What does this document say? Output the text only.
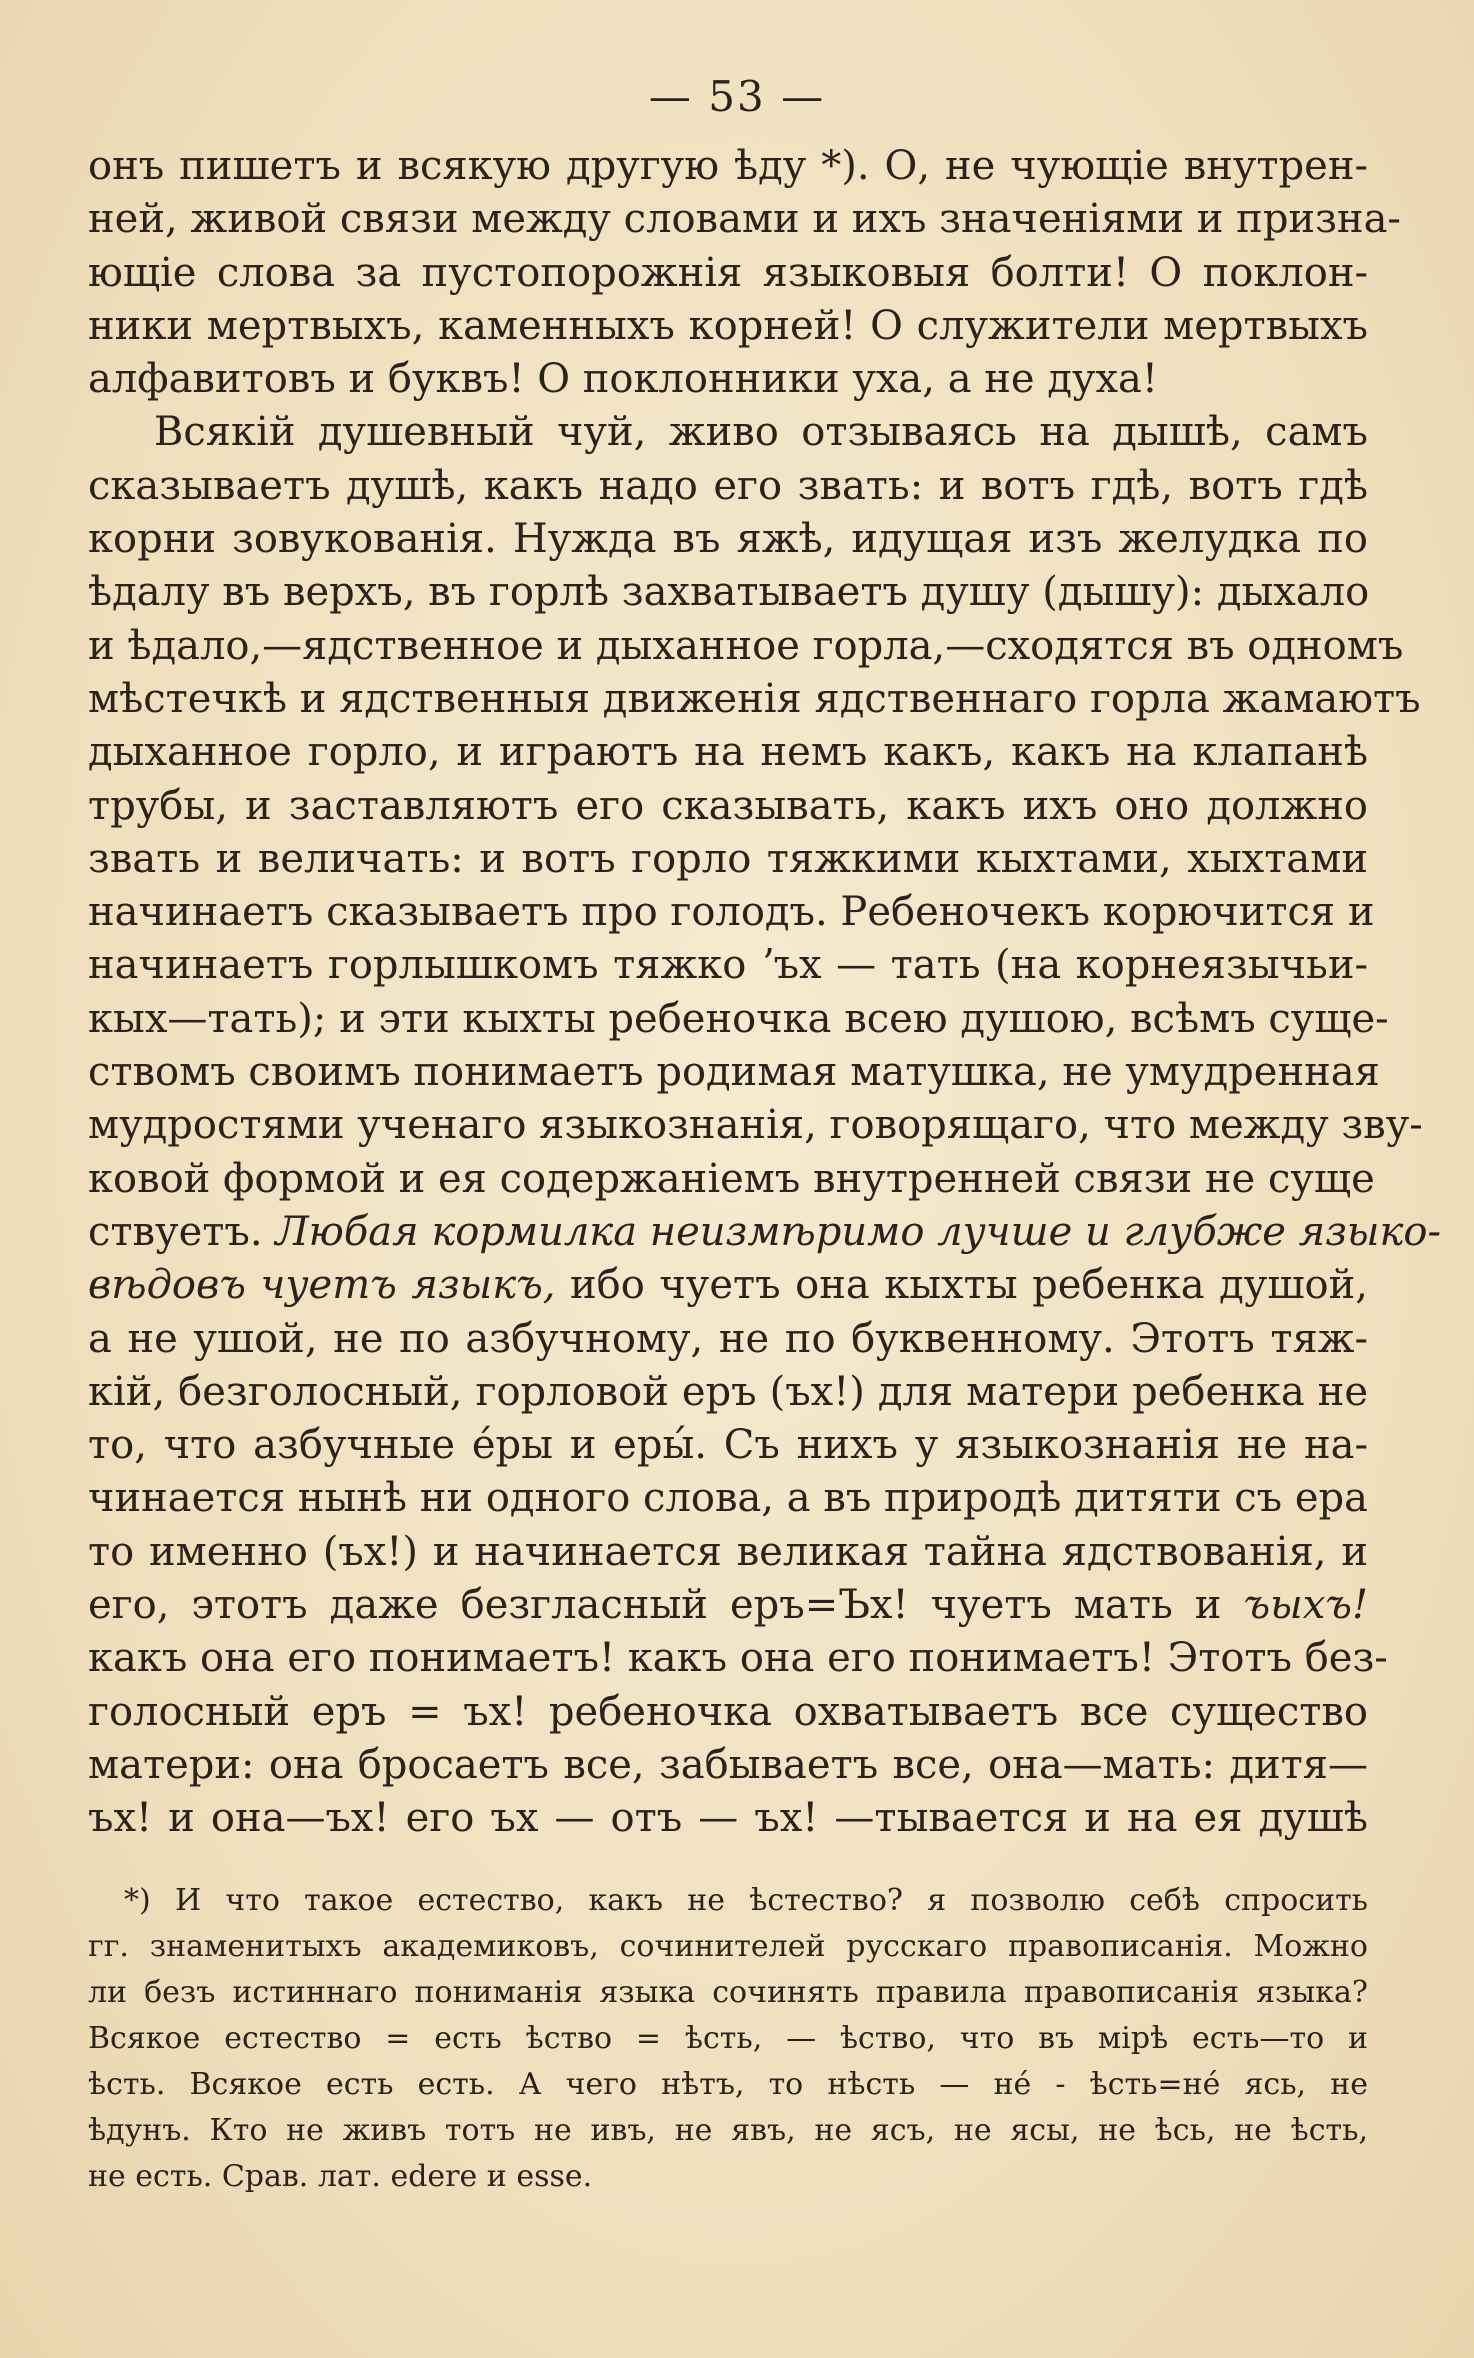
— 53 —
онъ пишетъ и всякую другую ѣду *). О, не чующіе внутрен-
ней, живой связи между словами и ихъ значеніями и призна-
ющіе слова за пустопорожнія языковыя болти! О поклон-
ники мертвыхъ, каменныхъ корней! О служители мертвыхъ
алфавитовъ и буквъ! О поклонники уха, а не духа!
Всякій душевный чуй, живо отзываясь на дышѣ, самъ
сказываетъ душѣ, какъ надо его звать: и вотъ гдѣ, вотъ гдѣ
корни зовукованія. Нужда въ яжѣ, идущая изъ желудка по
ѣдалу въ верхъ, въ горлѣ захватываетъ душу (дышу): дыхало
и ѣдало,—ядственное и дыханное горла,—сходятся въ одномъ
мѣстечкѣ и ядственныя движенія ядственнаго горла жамаютъ
дыханное горло, и играютъ на немъ какъ, какъ на клапанѣ
трубы, и заставляютъ его сказывать, какъ ихъ оно должно
звать и величать: и вотъ горло тяжкими кыхтами, хыхтами
начинаетъ сказываетъ про голодъ. Ребеночекъ корючится и
начинаетъ горлышкомъ тяжко ʼъх — тать (на корнеязычьи-
кых—тать); и эти кыхты ребеночка всею душою, всѣмъ суще-
ствомъ своимъ понимаетъ родимая матушка, не умудренная
мудростями ученаго языкознанія, говорящаго, что между зву-
ковой формой и ея содержаніемъ внутренней связи не суще
ствуетъ. Любая кормилка неизмѣримо лучше и глубже языко-
вѣдовъ чуетъ языкъ, ибо чуетъ она кыхты ребенка душой,
а не ушой, не по азбучному, не по буквенному. Этотъ тяж-
кій, безголосный, горловой еръ (ъх!) для матери ребенка не
то, что азбучные éры и еры́. Съ нихъ у языкознанія не на-
чинается нынѣ ни одного слова, а въ природѣ дитяти съ ера
то именно (ъх!) и начинается великая тайна ядствованія, и
его, этотъ даже безгласный еръ=Ъх! чуетъ мать и ъыхъ!
какъ она его понимаетъ! какъ она его понимаетъ! Этотъ без-
голосный еръ = ъх! ребеночка охватываетъ все существо
матери: она бросаетъ все, забываетъ все, она—мать: дитя—
ъх! и она—ъх! его ъх — отъ — ъх! —тывается и на ея душѣ
*) И что такое естество, какъ не ѣстество? я позволю себѣ спросить
гг. знаменитыхъ академиковъ, сочинителей русскаго правописанія. Можно
ли безъ истиннаго пониманія языка сочинять правила правописанія языка?
Всякое естество = есть ѣство = ѣсть, — ѣство, что въ мірѣ есть—то и
ѣсть. Всякое есть есть. А чего нѣтъ, то нѣсть — нé - ѣсть=нé ясь, не
ѣдунъ. Кто не живъ тотъ не ивъ, не явъ, не ясъ, не ясы, не ѣсь, не ѣсть,
не есть. Срав. лат. edere и esse.
